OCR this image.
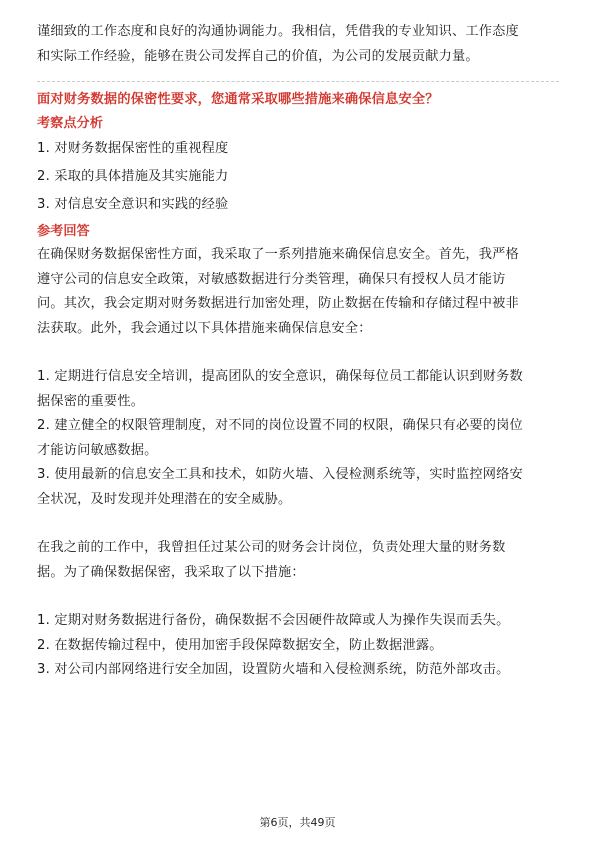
谨细致的工作态度和良好的沟通协调能力。我相信，凭借我的专业知识、工作态度

和实际工作经验，能够在贵公司发挥自己的价值，为公司的发展贡献力量。

面对财务数据的保密性要求，您通常采取哪些措施来确保信息安全？

考察点分析

1. 对财务数据保密性的重视程度

2. 采取的具体措施及其实施能力

3. 对信息安全意识和实践的经验

参考回答

在确保财务数据保密性方面，我采取了一系列措施来确保信息安全。首先，我严格

遵守公司的信息安全政策，对敏感数据进行分类管理，确保只有授权人员才能访

问。其次，我会定期对财务数据进行加密处理，防止数据在传输和存储过程中被非

法获取。此外，我会通过以下具体措施来确保信息安全：

1. 定期进行信息安全培训，提高团队的安全意识，确保每位员工都能认识到财务数

据保密的重要性。

2. 建立健全的权限管理制度，对不同的岗位设置不同的权限，确保只有必要的岗位

才能访问敏感数据。

3. 使用最新的信息安全工具和技术，如防火墙、入侵检测系统等，实时监控网络安

全状况，及时发现并处理潜在的安全威胁。

在我之前的工作中，我曾担任过某公司的财务会计岗位，负责处理大量的财务数

据。为了确保数据保密，我采取了以下措施：

1. 定期对财务数据进行备份，确保数据不会因硬件故障或人为操作失误而丢失。

2. 在数据传输过程中，使用加密手段保障数据安全，防止数据泄露。

3. 对公司内部网络进行安全加固，设置防火墙和入侵检测系统，防范外部攻击。

第6页，共49页
